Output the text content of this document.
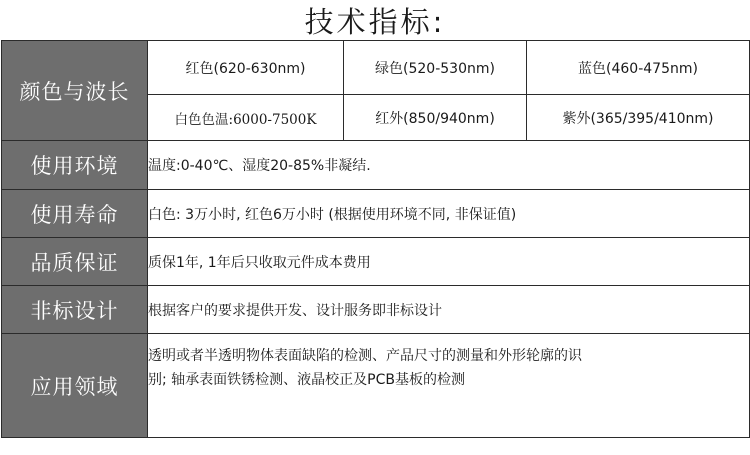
技术指标:
颜色与波长	红色(620-630nm)	绿色(520-530nm)	蓝色(460-475nm)
	白色色温:6000-7500K	红外(850/940nm)	紫外(365/395/410nm)
使用环境	温度:0-40℃、湿度20-85%非凝结.		
使用寿命	白色: 3万小时, 红色6万小时 (根据使用环境不同, 非保证值)		
品质保证	质保1年, 1年后只收取元件成本费用		
非标设计	根据客户的要求提供开发、设计服务即非标设计		
应用领域	透明或者半透明物体表面缺陷的检测、产品尺寸的测量和外形轮廓的识
别; 轴承表面铁锈检测、液晶校正及PCB基板的检测		
